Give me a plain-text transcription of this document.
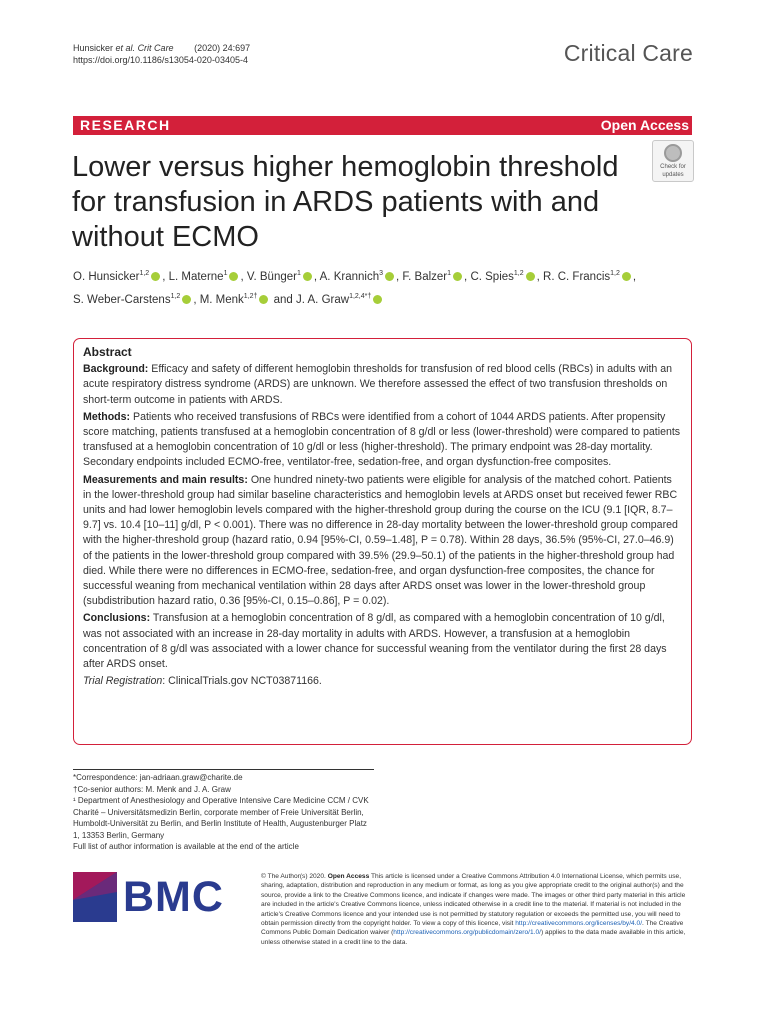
Hunsicker et al. Crit Care (2020) 24:697
https://doi.org/10.1186/s13054-020-03405-4	Critical Care
RESEARCH	Open Access
Lower versus higher hemoglobin threshold for transfusion in ARDS patients with and without ECMO
Check for
updates
O. Hunsicker$^{1,2}$ , L. Materne$^1$ , V. Bünger$^1$ , A. Krannich$^3$ , F. Balzer$^1$ , C. Spies$^{1,2}$ , R. C. Francis$^{1,2}$ ,
S. Weber-Carstens$^{1,2}$ , M. Menk$^{1,2\dagger}$ and J. A. Graw$^{1,2,4*\dagger}$
Abstract

Background: Efficacy and safety of different hemoglobin thresholds for transfusion of red blood cells (RBCs) in adults with an acute respiratory distress syndrome (ARDS) are unknown. We therefore assessed the effect of two transfusion thresholds on short-term outcome in patients with ARDS.

Methods: Patients who received transfusions of RBCs were identified from a cohort of 1044 ARDS patients. After propensity score matching, patients transfused at a hemoglobin concentration of 8 g/dl or less (lower-threshold) were compared to patients transfused at a hemoglobin concentration of 10 g/dl or less (higher-threshold). The primary endpoint was 28-day mortality. Secondary endpoints included ECMO-free, ventilator-free, sedation-free, and organ dysfunction-free composites.

Measurements and main results: One hundred ninety-two patients were eligible for analysis of the matched cohort. Patients in the lower-threshold group had similar baseline characteristics and hemoglobin levels at ARDS onset but received fewer RBC units and had lower hemoglobin levels compared with the higher-threshold group during the course on the ICU (9.1 [IQR, 8.7–9.7] vs. 10.4 [10–11] g/dl, P < 0.001). There was no difference in 28-day mortality between the lower-threshold group compared with the higher-threshold group (hazard ratio, 0.94 [95%-CI, 0.59–1.48], P = 0.78). Within 28 days, 36.5% (95%-CI, 27.0–46.9) of the patients in the lower-threshold group compared with 39.5% (29.9–50.1) of the patients in the higher-threshold group had died. While there were no differences in ECMO-free, sedation-free, and organ dysfunction-free composites, the chance for successful weaning from mechanical ventilation within 28 days after ARDS onset was lower in the lower-threshold group (subdistribution hazard ratio, 0.36 [95%-CI, 0.15–0.86], P = 0.02).

Conclusions: Transfusion at a hemoglobin concentration of 8 g/dl, as compared with a hemoglobin concentration of 10 g/dl, was not associated with an increase in 28-day mortality in adults with ARDS. However, a transfusion at a hemoglobin concentration of 8 g/dl was associated with a lower chance for successful weaning from the ventilator during the first 28 days after ARDS onset.

Trial Registration: ClinicalTrials.gov NCT03871166.

*Correspondence: jan-adriaan.graw@charite.de
†Co-senior authors: M. Menk and J. A. Graw
¹ Department of Anesthesiology and Operative Intensive Care Medicine CCM / CVK Charité – Universitätsmedizin Berlin, corporate member of Freie Universität Berlin, Humboldt-Universität zu Berlin, and Berlin Institute of Health, Augustenburger Platz 1, 13353 Berlin, Germany
Full list of author information is available at the end of the article
BMC	© The Author(s) 2020. Open Access This article is licensed under a Creative Commons Attribution 4.0 International License, which permits use, sharing, adaptation, distribution and reproduction in any medium or format, as long as you give appropriate credit to the original author(s) and the source, provide a link to the Creative Commons licence, and indicate if changes were made. The images or other third party material in this article are included in the article's Creative Commons licence, unless indicated otherwise in a credit line to the material. If material is not included in the article's Creative Commons licence and your intended use is not permitted by statutory regulation or exceeds the permitted use, you will need to obtain permission directly from the copyright holder. To view a copy of this licence, visit http://creativecommons.org/licenses/by/4.0/. The Creative Commons Public Domain Dedication waiver (http://creativecommons.org/publicdomain/zero/1.0/) applies to the data made available in this article, unless otherwise stated in a credit line to the data.
